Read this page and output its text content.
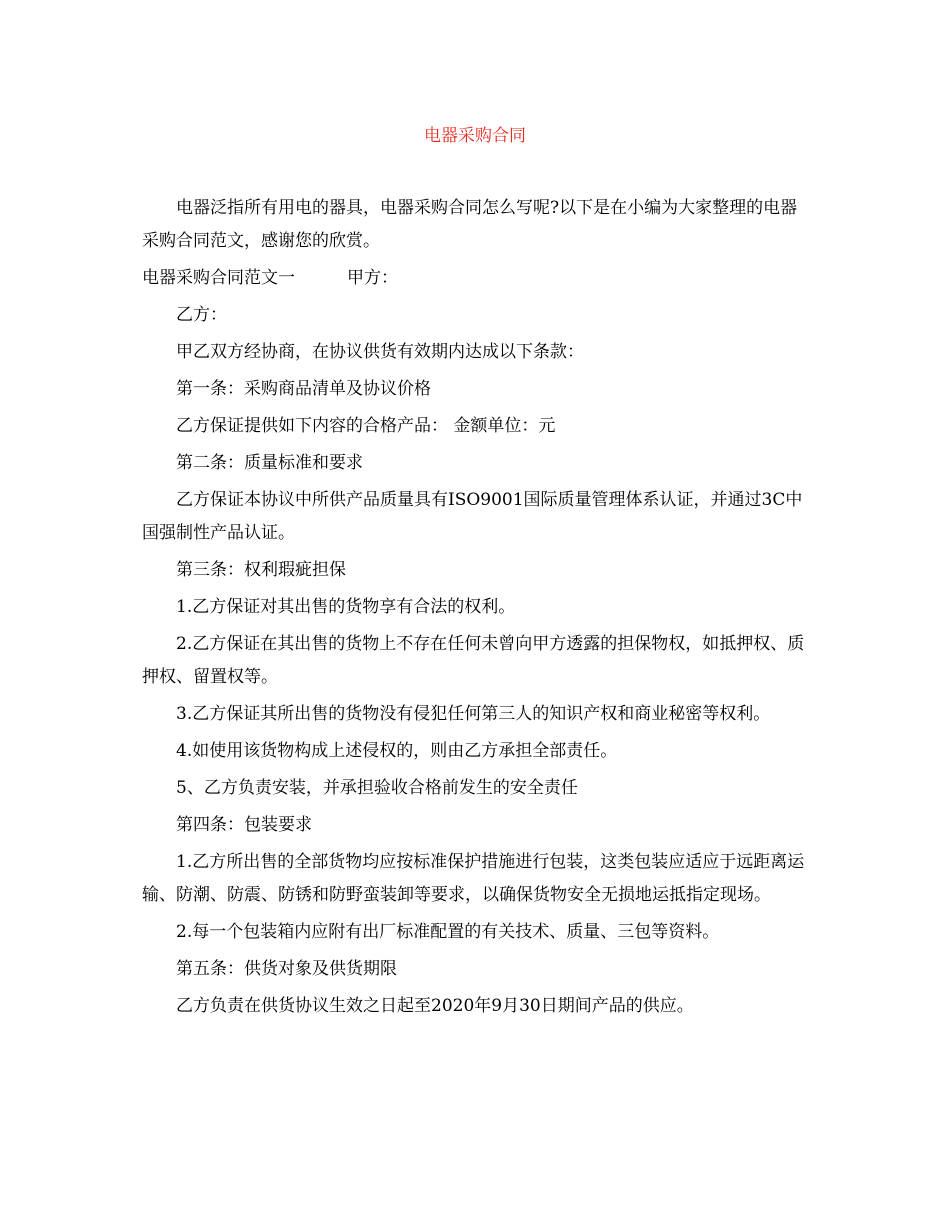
电器采购合同

电器泛指所有用电的器具，电器采购合同怎么写呢?以下是在小编为大家整理的电器采购合同范文，感谢您的欣赏。

电器采购合同范文一	甲方：

乙方：

甲乙双方经协商，在协议供货有效期内达成以下条款：

第一条：采购商品清单及协议价格

乙方保证提供如下内容的合格产品： 金额单位：元

第二条：质量标准和要求

乙方保证本协议中所供产品质量具有ISO9001国际质量管理体系认证，并通过3C中国强制性产品认证。

第三条：权利瑕疵担保

1.乙方保证对其出售的货物享有合法的权利。

2.乙方保证在其出售的货物上不存在任何未曾向甲方透露的担保物权，如抵押权、质押权、留置权等。

3.乙方保证其所出售的货物没有侵犯任何第三人的知识产权和商业秘密等权利。

4.如使用该货物构成上述侵权的，则由乙方承担全部责任。

5、乙方负责安装，并承担验收合格前发生的安全责任

第四条：包装要求

1.乙方所出售的全部货物均应按标准保护措施进行包装，这类包装应适应于远距离运输、防潮、防震、防锈和防野蛮装卸等要求，以确保货物安全无损地运抵指定现场。

2.每一个包装箱内应附有出厂标准配置的有关技术、质量、三包等资料。

第五条：供货对象及供货期限

乙方负责在供货协议生效之日起至2020年9月30日期间产品的供应。
